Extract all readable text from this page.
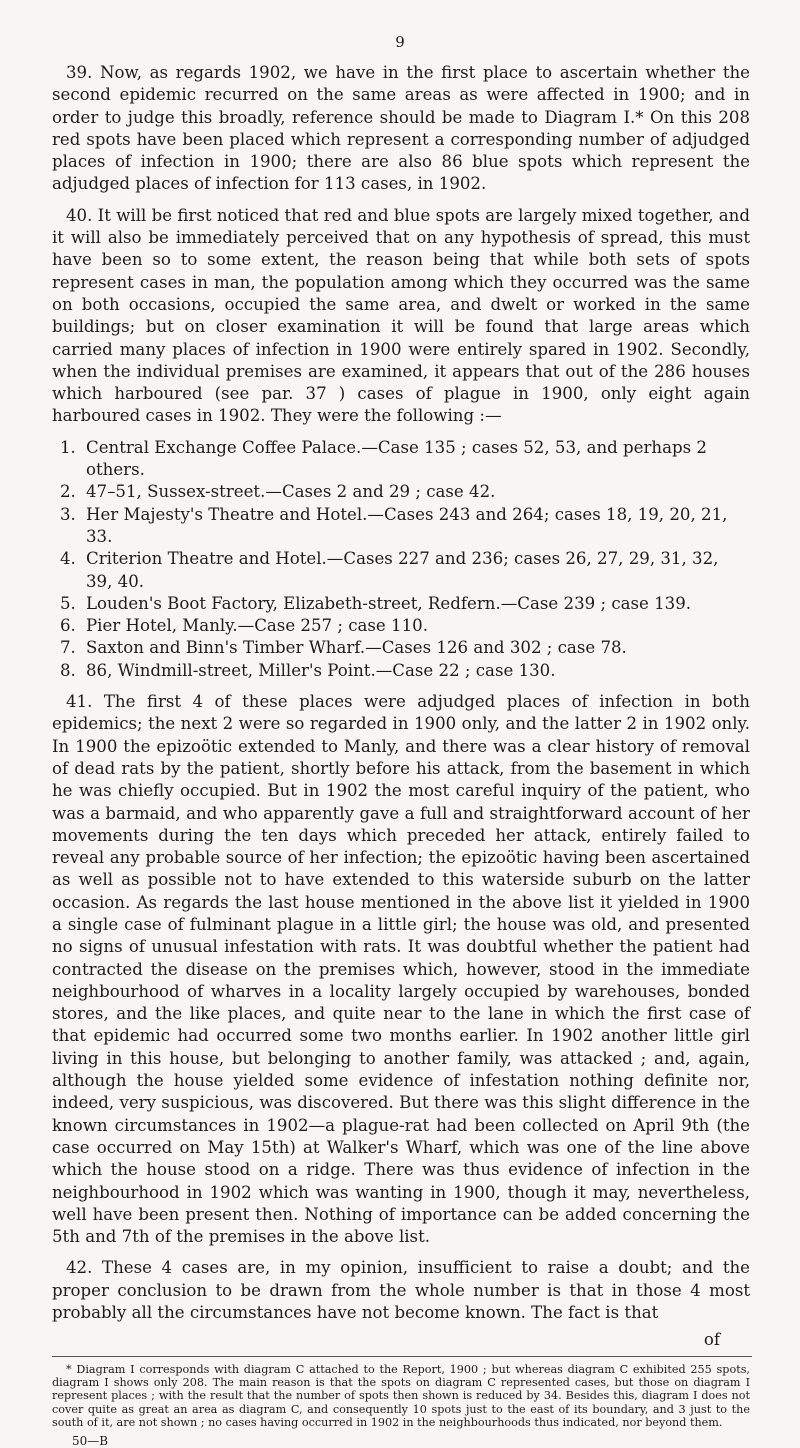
9

39. Now, as regards 1902, we have in the first place to ascertain whether the second epidemic recurred on the same areas as were affected in 1900; and in order to judge this broadly, reference should be made to Diagram I.* On this 208 red spots have been placed which represent a corresponding number of adjudged places of infection in 1900; there are also 86 blue spots which represent the adjudged places of infection for 113 cases, in 1902.

40. It will be first noticed that red and blue spots are largely mixed together, and it will also be immediately perceived that on any hypothesis of spread, this must have been so to some extent, the reason being that while both sets of spots represent cases in man, the population among which they occurred was the same on both occasions, occupied the same area, and dwelt or worked in the same buildings; but on closer examination it will be found that large areas which carried many places of infection in 1900 were entirely spared in 1902. Secondly, when the individual premises are examined, it appears that out of the 286 houses which harboured (see par. 37 ) cases of plague in 1900, only eight again harboured cases in 1902. They were the following :—

1. Central Exchange Coffee Palace.—Case 135 ; cases 52, 53, and perhaps 2 others.
2. 47–51, Sussex-street.—Cases 2 and 29 ; case 42.
3. Her Majesty's Theatre and Hotel.—Cases 243 and 264; cases 18, 19, 20, 21, 33.
4. Criterion Theatre and Hotel.—Cases 227 and 236; cases 26, 27, 29, 31, 32, 39, 40.
5. Louden's Boot Factory, Elizabeth-street, Redfern.—Case 239 ; case 139.
6. Pier Hotel, Manly.—Case 257 ; case 110.
7. Saxton and Binn's Timber Wharf.—Cases 126 and 302 ; case 78.
8. 86, Windmill-street, Miller's Point.—Case 22 ; case 130.

41. The first 4 of these places were adjudged places of infection in both epidemics; the next 2 were so regarded in 1900 only, and the latter 2 in 1902 only. In 1900 the epizoötic extended to Manly, and there was a clear history of removal of dead rats by the patient, shortly before his attack, from the basement in which he was chiefly occupied. But in 1902 the most careful inquiry of the patient, who was a barmaid, and who apparently gave a full and straightforward account of her movements during the ten days which preceded her attack, entirely failed to reveal any probable source of her infection; the epizoötic having been ascertained as well as possible not to have extended to this waterside suburb on the latter occasion. As regards the last house mentioned in the above list it yielded in 1900 a single case of fulminant plague in a little girl; the house was old, and presented no signs of unusual infestation with rats. It was doubtful whether the patient had contracted the disease on the premises which, however, stood in the immediate neighbourhood of wharves in a locality largely occupied by warehouses, bonded stores, and the like places, and quite near to the lane in which the first case of that epidemic had occurred some two months earlier. In 1902 another little girl living in this house, but belonging to another family, was attacked ; and, again, although the house yielded some evidence of infestation nothing definite nor, indeed, very suspicious, was discovered. But there was this slight difference in the known circumstances in 1902—a plague-rat had been collected on April 9th (the case occurred on May 15th) at Walker's Wharf, which was one of the line above which the house stood on a ridge. There was thus evidence of infection in the neighbourhood in 1902 which was wanting in 1900, though it may, nevertheless, well have been present then. Nothing of importance can be added concerning the 5th and 7th of the premises in the above list.

42. These 4 cases are, in my opinion, insufficient to raise a doubt; and the proper conclusion to be drawn from the whole number is that in those 4 most probably all the circumstances have not become known. The fact is that

of

* Diagram I corresponds with diagram C attached to the Report, 1900 ; but whereas diagram C exhibited 255 spots, diagram I shows only 208. The main reason is that the spots on diagram C represented cases, but those on diagram I represent places ; with the result that the number of spots then shown is reduced by 34. Besides this, diagram I does not cover quite as great an area as diagram C, and consequently 10 spots just to the east of its boundary, and 3 just to the south of it, are not shown ; no cases having occurred in 1902 in the neighbourhoods thus indicated, nor beyond them.

50—B
